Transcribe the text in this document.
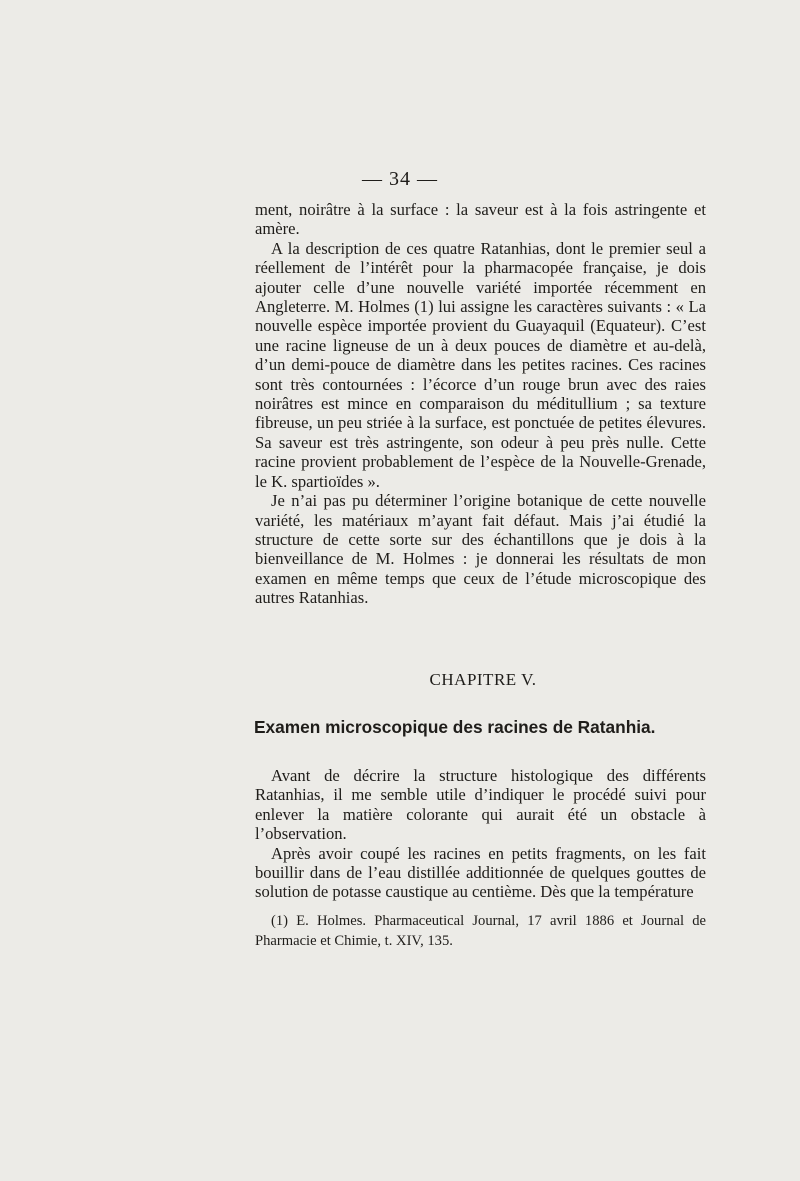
— 34 —

ment, noirâtre à la surface : la saveur est à la fois astringente et amère.

A la description de ces quatre Ratanhias, dont le premier seul a réellement de l’intérêt pour la pharmacopée française, je dois ajouter celle d’une nouvelle variété importée récemment en Angleterre. M. Holmes (1) lui assigne les caractères suivants : « La nouvelle espèce importée provient du Guayaquil (Equateur). C’est une racine ligneuse de un à deux pouces de diamètre et au-delà, d’un demi-pouce de diamètre dans les petites racines. Ces racines sont très contournées : l’écorce d’un rouge brun avec des raies noirâtres est mince en comparaison du méditullium ; sa texture fibreuse, un peu striée à la surface, est ponctuée de petites élevures. Sa saveur est très astringente, son odeur à peu près nulle. Cette racine provient probablement de l’espèce de la Nouvelle-Grenade, le K. spartioïdes ».

Je n’ai pas pu déterminer l’origine botanique de cette nouvelle variété, les matériaux m’ayant fait défaut. Mais j’ai étudié la structure de cette sorte sur des échantillons que je dois à la bienveillance de M. Holmes : je donnerai les résultats de mon examen en même temps que ceux de l’étude microscopique des autres Ratanhias.

CHAPITRE V.
Examen microscopique des racines de Ratanhia.

Avant de décrire la structure histologique des différents Ratanhias, il me semble utile d’indiquer le procédé suivi pour enlever la matière colorante qui aurait été un obstacle à l’observation.

Après avoir coupé les racines en petits fragments, on les fait bouillir dans de l’eau distillée additionnée de quelques gouttes de solution de potasse caustique au centième. Dès que la température

(1) E. Holmes. Pharmaceutical Journal, 17 avril 1886 et Journal de Pharmacie et Chimie, t. XIV, 135.
